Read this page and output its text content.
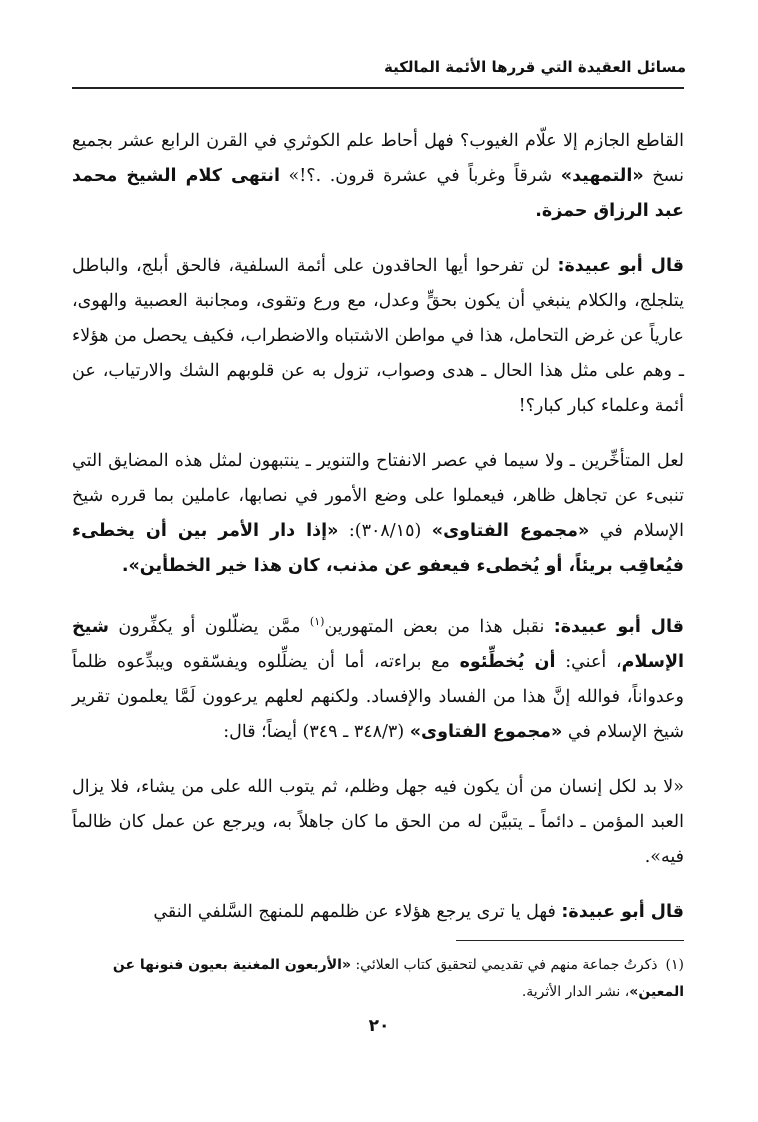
مسائل العقيدة التي قررها الأئمة المالكية

القاطع الجازم إلا علّام الغيوب؟ فهل أحاط علم الكوثري في القرن الرابع عشر بجميع نسخ «التمهيد» شرقاً وغرباً في عشرة قرون. .؟!» انتهى كلام الشيخ محمد عبد الرزاق حمزة.

قال أبو عبيدة: لن تفرحوا أيها الحاقدون على أئمة السلفية، فالحق أبلج، والباطل يتلجلج، والكلام ينبغي أن يكون بحقٍّ وعدل، مع ورع وتقوى، ومجانبة العصبية والهوى، عارياً عن غرض التحامل، هذا في مواطن الاشتباه والاضطراب، فكيف يحصل من هؤلاء ـ وهم على مثل هذا الحال ـ هدى وصواب، تزول به عن قلوبهم الشك والارتياب، عن أئمة وعلماء كبار كبار؟!

لعل المتأخِّرين ـ ولا سيما في عصر الانفتاح والتنوير ـ ينتبهون لمثل هذه المضايق التي تنبىء عن تجاهل ظاهر، فيعملوا على وضع الأمور في نصابها، عاملين بما قرره شيخ الإسلام في «مجموع الفتاوى» (٣٠٨/١٥): «إذا دار الأمر بين أن يخطىء فيُعاقِب بريئاً، أو يُخطىء فيعفو عن مذنب، كان هذا خير الخطأين».

قال أبو عبيدة: نقبل هذا من بعض المتهورين$^{(١)}$ ممَّن يضلّلون أو يكفِّرون شيخ الإسلام، أعني: أن يُخطِّئوه مع براءته، أما أن يضلِّلوه ويفسّقوه ويبدِّعوه ظلماً وعدواناً، فوالله إنَّ هذا من الفساد والإفساد. ولكنهم لعلهم يرعوون لَمَّا يعلمون تقرير شيخ الإسلام في «مجموع الفتاوى» (٣٤٨/٣ ـ ٣٤٩) أيضاً؛ قال:

«لا بد لكل إنسان من أن يكون فيه جهل وظلم، ثم يتوب الله على من يشاء، فلا يزال العبد المؤمن ـ دائماً ـ يتبيَّن له من الحق ما كان جاهلاً به، ويرجع عن عمل كان ظالماً فيه».

قال أبو عبيدة: فهل يا ترى يرجع هؤلاء عن ظلمهم للمنهج السَّلفي النقي

(١)ذكرتُ جماعة منهم في تقديمي لتحقيق كتاب العلائي: «الأربعون المغنية بعيون فنونها عن المعين»، نشر الدار الأثرية.
٢٠
